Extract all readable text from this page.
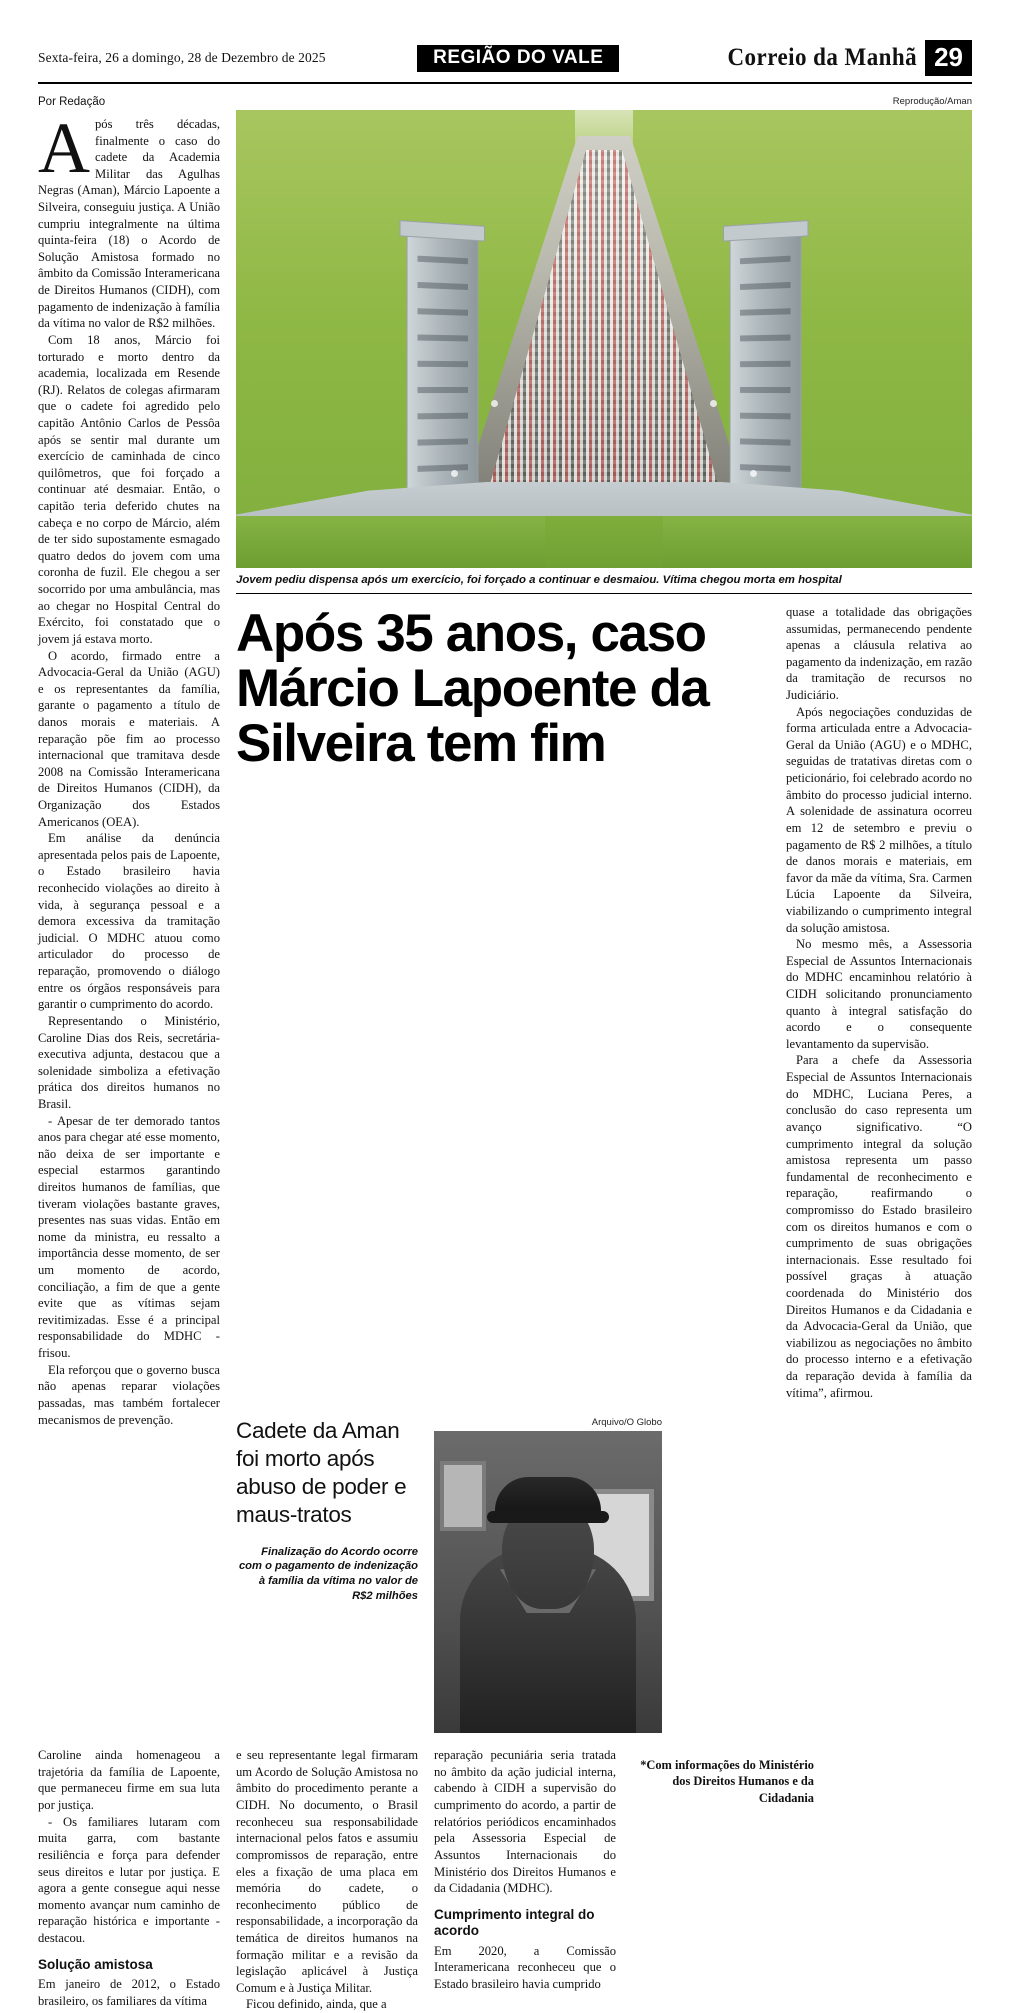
Sexta-feira, 26 a domingo, 28 de Dezembro de 2025	REGIÃO DO VALE	Correio da Manhã 29
Por Redação

Após três décadas, finalmente o caso do cadete da Academia Militar das Agulhas Negras (Aman), Márcio Lapoente a Silveira, conseguiu justiça. A União cumpriu integralmente na última quinta-feira (18) o Acordo de Solução Amistosa formado no âmbito da Comissão Interamericana de Direitos Humanos (CIDH), com pagamento de indenização à família da vítima no valor de R$2 milhões.

Com 18 anos, Márcio foi torturado e morto dentro da academia, localizada em Resende (RJ). Relatos de colegas afirmaram que o cadete foi agredido pelo capitão Antônio Carlos de Pessôa após se sentir mal durante um exercício de caminhada de cinco quilômetros, que foi forçado a continuar até desmaiar. Então, o capitão teria deferido chutes na cabeça e no corpo de Márcio, além de ter sido supostamente esmagado quatro dedos do jovem com uma coronha de fuzil. Ele chegou a ser socorrido por uma ambulância, mas ao chegar no Hospital Central do Exército, foi constatado que o jovem já estava morto.

O acordo, firmado entre a Advocacia-Geral da União (AGU) e os representantes da família, garante o pagamento a título de danos morais e materiais. A reparação põe fim ao processo internacional que tramitava desde 2008 na Comissão Interamericana de Direitos Humanos (CIDH), da Organização dos Estados Americanos (OEA).

Em análise da denúncia apresentada pelos pais de Lapoente, o Estado brasileiro havia reconhecido violações ao direito à vida, à segurança pessoal e a demora excessiva da tramitação judicial. O MDHC atuou como articulador do processo de reparação, promovendo o diálogo entre os órgãos responsáveis para garantir o cumprimento do acordo.

Representando o Ministério, Caroline Dias dos Reis, secretária-executiva adjunta, destacou que a solenidade simboliza a efetivação prática dos direitos humanos no Brasil.

- Apesar de ter demorado tantos anos para chegar até esse momento, não deixa de ser importante e especial estarmos garantindo direitos humanos de famílias, que tiveram violações bastante graves, presentes nas suas vidas. Então em nome da ministra, eu ressalto a importância desse momento, de ser um momento de acordo, conciliação, a fim de que a gente evite que as vítimas sejam revitimizadas. Esse é a principal responsabilidade do MDHC - frisou.

Ela reforçou que o governo busca não apenas reparar violações passadas, mas também fortalecer mecanismos de prevenção.

Reprodução/Aman
Jovem pediu dispensa após um exercício, foi forçado a continuar e desmaiou. Vítima chegou morta em hospital
Após 35 anos, caso Márcio Lapoente da Silveira tem fim

quase a totalidade das obrigações assumidas, permanecendo pendente apenas a cláusula relativa ao pagamento da indenização, em razão da tramitação de recursos no Judiciário.

Após negociações conduzidas de forma articulada entre a Advocacia-Geral da União (AGU) e o MDHC, seguidas de tratativas diretas com o peticionário, foi celebrado acordo no âmbito do processo judicial interno. A solenidade de assinatura ocorreu em 12 de setembro e previu o pagamento de R$ 2 milhões, a título de danos morais e materiais, em favor da mãe da vítima, Sra. Carmen Lúcia Lapoente da Silveira, viabilizando o cumprimento integral da solução amistosa.

No mesmo mês, a Assessoria Especial de Assuntos Internacionais do MDHC encaminhou relatório à CIDH solicitando pronunciamento quanto à integral satisfação do acordo e o consequente levantamento da supervisão.

Para a chefe da Assessoria Especial de Assuntos Internacionais do MDHC, Luciana Peres, a conclusão do caso representa um avanço significativo. “O cumprimento integral da solução amistosa representa um passo fundamental de reconhecimento e reparação, reafirmando o compromisso do Estado brasileiro com os direitos humanos e com o cumprimento de suas obrigações internacionais. Esse resultado foi possível graças à atuação coordenada do Ministério dos Direitos Humanos e da Cidadania e da Advocacia-Geral da União, que viabilizou as negociações no âmbito do processo interno e a efetivação da reparação devida à família da vítima”, afirmou.

Cadete da Aman foi morto após abuso de poder e maus-tratos
Finalização do Acordo ocorre com o pagamento de indenização à família da vítima no valor de R$2 milhões
Arquivo/O Globo

Caroline ainda homenageou a trajetória da família de Lapoente, que permaneceu firme em sua luta por justiça.

- Os familiares lutaram com muita garra, com bastante resiliência e força para defender seus direitos e lutar por justiça. E agora a gente consegue aqui nesse momento avançar num caminho de reparação histórica e importante - destacou.

Solução amistosa

Em janeiro de 2012, o Estado brasileiro, os familiares da vítima

e seu representante legal firmaram um Acordo de Solução Amistosa no âmbito do procedimento perante a CIDH. No documento, o Brasil reconheceu sua responsabilidade internacional pelos fatos e assumiu compromissos de reparação, entre eles a fixação de uma placa em memória do cadete, o reconhecimento público de responsabilidade, a incorporação da temática de direitos humanos na formação militar e a revisão da legislação aplicável à Justiça Comum e à Justiça Militar.

Ficou definido, ainda, que a

reparação pecuniária seria tratada no âmbito da ação judicial interna, cabendo à CIDH a supervisão do cumprimento do acordo, a partir de relatórios periódicos encaminhados pela Assessoria Especial de Assuntos Internacionais do Ministério dos Direitos Humanos e da Cidadania (MDHC).

Cumprimento integral do acordo

Em 2020, a Comissão Interamericana reconheceu que o Estado brasileiro havia cumprido

*Com informações do Ministério dos Direitos Humanos e da Cidadania
